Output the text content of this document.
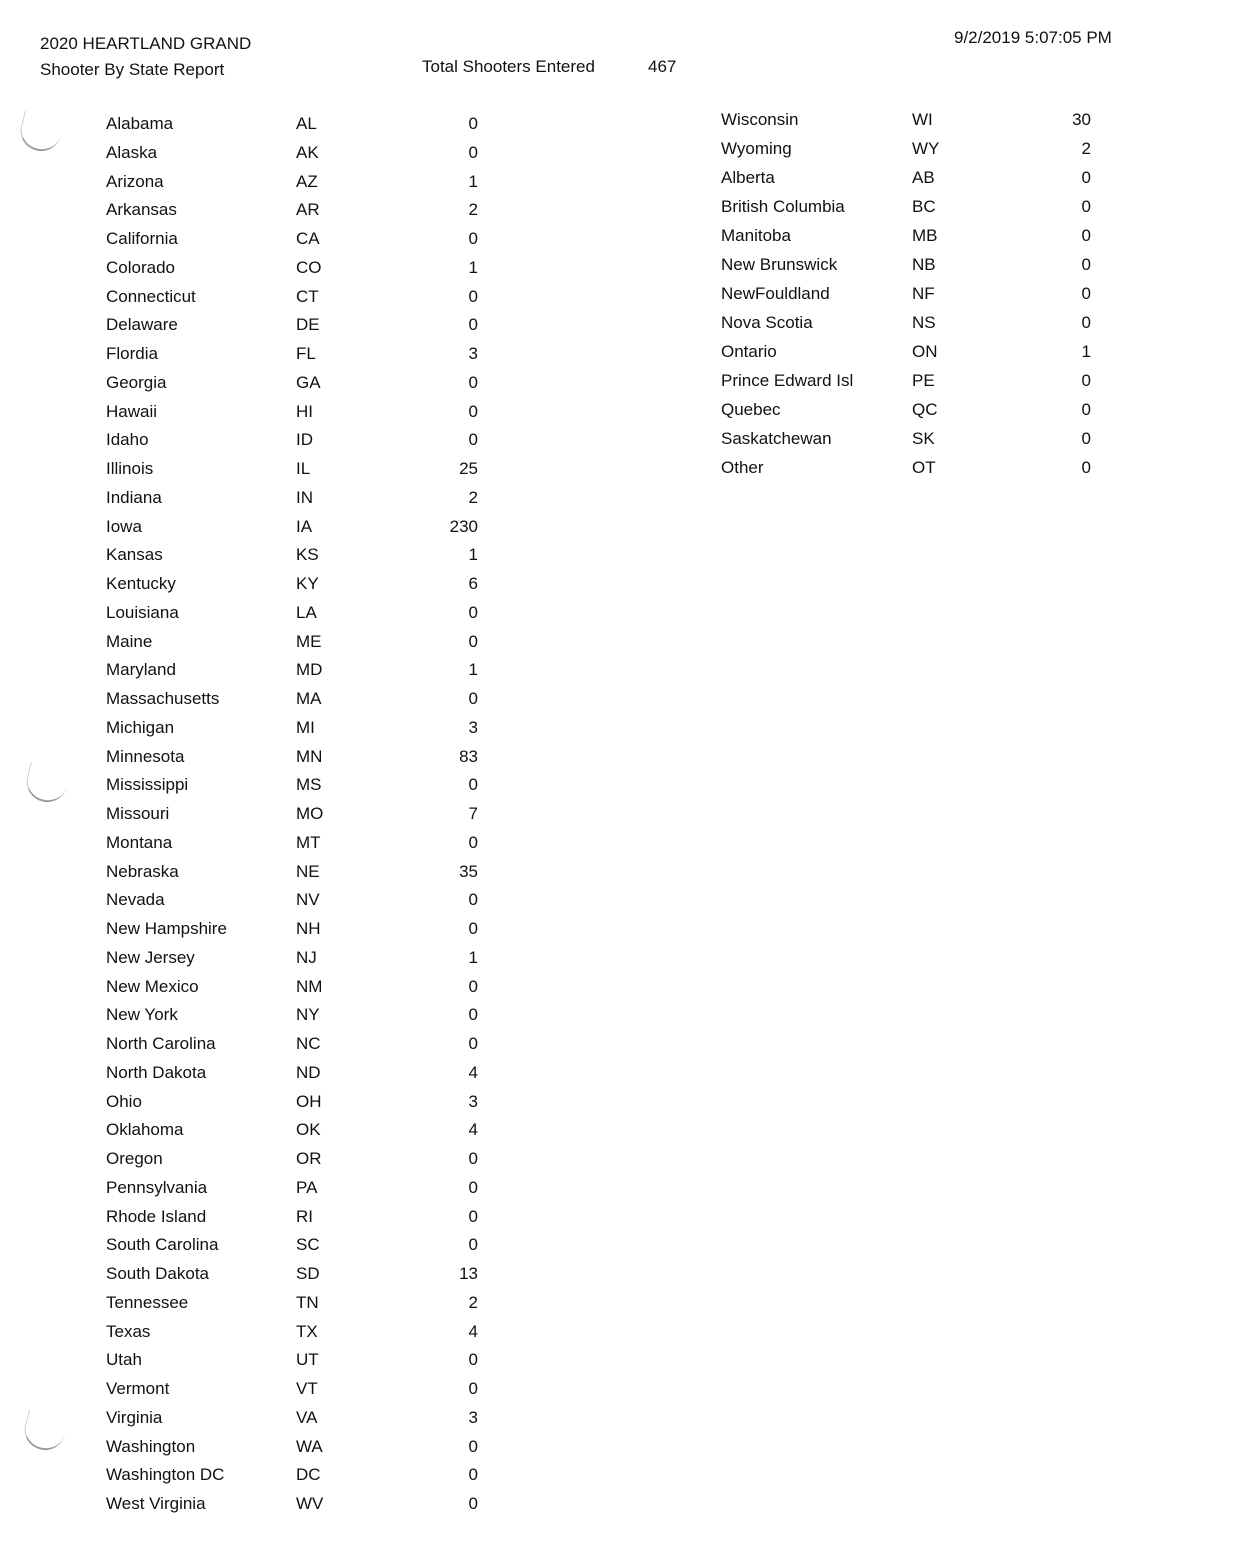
2020 HEARTLAND GRAND
Shooter By State Report	Total Shooters Entered	467
9/2/2019 5:07:05 PM
Alabama	AL	0
Alaska	AK	0
Arizona	AZ	1
Arkansas	AR	2
California	CA	0
Colorado	CO	1
Connecticut	CT	0
Delaware	DE	0
Flordia	FL	3
Georgia	GA	0
Hawaii	HI	0
Idaho	ID	0
Illinois	IL	25
Indiana	IN	2
Iowa	IA	230
Kansas	KS	1
Kentucky	KY	6
Louisiana	LA	0
Maine	ME	0
Maryland	MD	1
Massachusetts	MA	0
Michigan	MI	3
Minnesota	MN	83
Mississippi	MS	0
Missouri	MO	7
Montana	MT	0
Nebraska	NE	35
Nevada	NV	0
New Hampshire	NH	0
New Jersey	NJ	1
New Mexico	NM	0
New York	NY	0
North Carolina	NC	0
North Dakota	ND	4
Ohio	OH	3
Oklahoma	OK	4
Oregon	OR	0
Pennsylvania	PA	0
Rhode Island	RI	0
South Carolina	SC	0
South Dakota	SD	13
Tennessee	TN	2
Texas	TX	4
Utah	UT	0
Vermont	VT	0
Virginia	VA	3
Washington	WA	0
Washington DC	DC	0
West Virginia	WV	0
Wisconsin	WI	30
Wyoming	WY	2
Alberta	AB	0
British Columbia	BC	0
Manitoba	MB	0
New Brunswick	NB	0
NewFouldland	NF	0
Nova Scotia	NS	0
Ontario	ON	1
Prince Edward Isl	PE	0
Quebec	QC	0
Saskatchewan	SK	0
Other	OT	0
